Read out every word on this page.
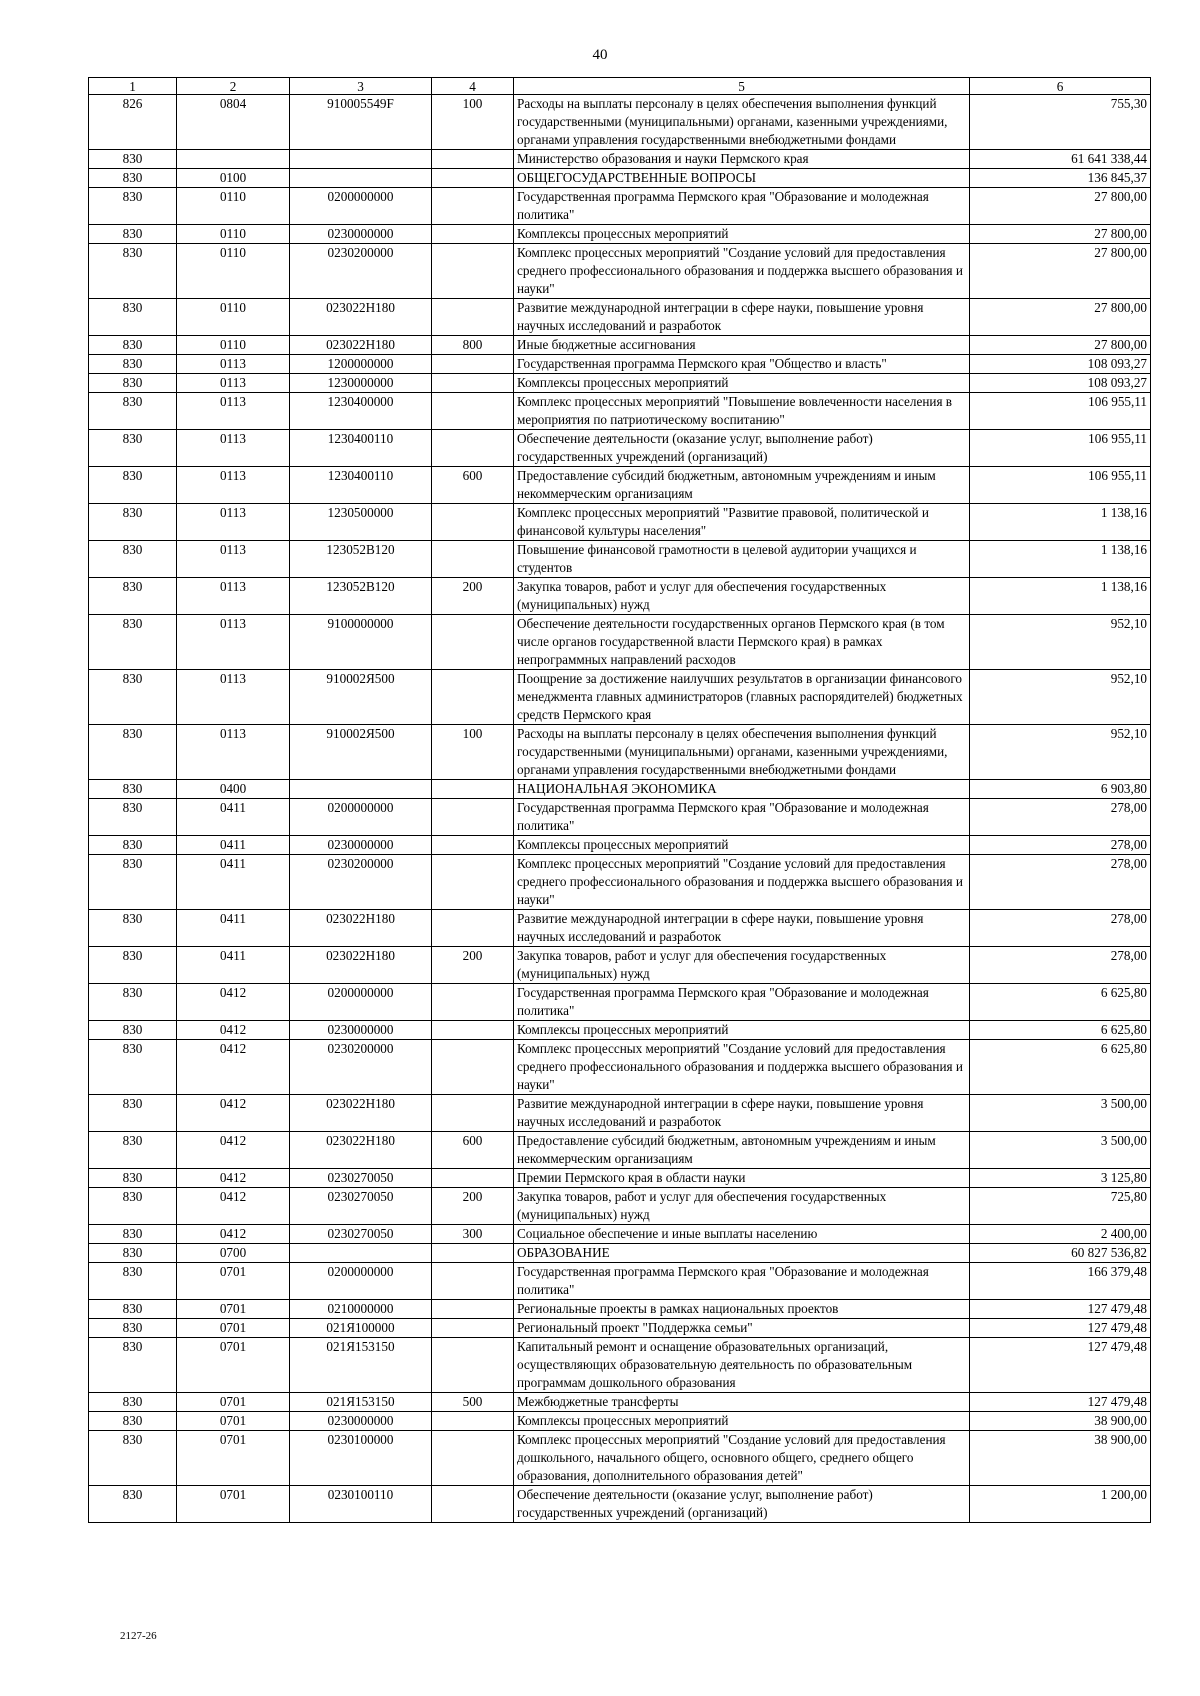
40
1	2	3	4	5	6
826	0804	910005549F	100	Расходы на выплаты персоналу в целях обеспечения выполнения функций государственными (муниципальными) органами, казенными учреждениями, органами управления государственными внебюджетными фондами	755,30
830				Министерство образования и науки Пермского края	61 641 338,44
830	0100			ОБЩЕГОСУДАРСТВЕННЫЕ ВОПРОСЫ	136 845,37
830	0110	0200000000		Государственная программа Пермского края "Образование и молодежная политика"	27 800,00
830	0110	0230000000		Комплексы процессных мероприятий	27 800,00
830	0110	0230200000		Комплекс процессных мероприятий "Создание условий для предоставления среднего профессионального образования и поддержка высшего образования и науки"	27 800,00
830	0110	023022Н180		Развитие международной интеграции в сфере науки, повышение уровня научных исследований и разработок	27 800,00
830	0110	023022Н180	800	Иные бюджетные ассигнования	27 800,00
830	0113	1200000000		Государственная программа Пермского края "Общество и власть"	108 093,27
830	0113	1230000000		Комплексы процессных мероприятий	108 093,27
830	0113	1230400000		Комплекс процессных мероприятий "Повышение вовлеченности населения в мероприятия по патриотическому воспитанию"	106 955,11
830	0113	1230400110		Обеспечение деятельности (оказание услуг, выполнение работ) государственных учреждений (организаций)	106 955,11
830	0113	1230400110	600	Предоставление субсидий бюджетным, автономным учреждениям и иным некоммерческим организациям	106 955,11
830	0113	1230500000		Комплекс процессных мероприятий "Развитие правовой, политической и финансовой культуры населения"	1 138,16
830	0113	123052В120		Повышение финансовой грамотности в целевой аудитории учащихся и студентов	1 138,16
830	0113	123052В120	200	Закупка товаров, работ и услуг для обеспечения государственных (муниципальных) нужд	1 138,16
830	0113	9100000000		Обеспечение деятельности государственных органов Пермского края (в том числе органов государственной власти Пермского края) в рамках непрограммных направлений расходов	952,10
830	0113	910002Я500		Поощрение за достижение наилучших результатов в организации финансового менеджмента главных администраторов (главных распорядителей) бюджетных средств Пермского края	952,10
830	0113	910002Я500	100	Расходы на выплаты персоналу в целях обеспечения выполнения функций государственными (муниципальными) органами, казенными учреждениями, органами управления государственными внебюджетными фондами	952,10
830	0400			НАЦИОНАЛЬНАЯ ЭКОНОМИКА	6 903,80
830	0411	0200000000		Государственная программа Пермского края "Образование и молодежная политика"	278,00
830	0411	0230000000		Комплексы процессных мероприятий	278,00
830	0411	0230200000		Комплекс процессных мероприятий "Создание условий для предоставления среднего профессионального образования и поддержка высшего образования и науки"	278,00
830	0411	023022Н180		Развитие международной интеграции в сфере науки, повышение уровня научных исследований и разработок	278,00
830	0411	023022Н180	200	Закупка товаров, работ и услуг для обеспечения государственных (муниципальных) нужд	278,00
830	0412	0200000000		Государственная программа Пермского края "Образование и молодежная политика"	6 625,80
830	0412	0230000000		Комплексы процессных мероприятий	6 625,80
830	0412	0230200000		Комплекс процессных мероприятий "Создание условий для предоставления среднего профессионального образования и поддержка высшего образования и науки"	6 625,80
830	0412	023022Н180		Развитие международной интеграции в сфере науки, повышение уровня научных исследований и разработок	3 500,00
830	0412	023022Н180	600	Предоставление субсидий бюджетным, автономным учреждениям и иным некоммерческим организациям	3 500,00
830	0412	0230270050		Премии Пермского края в области науки	3 125,80
830	0412	0230270050	200	Закупка товаров, работ и услуг для обеспечения государственных (муниципальных) нужд	725,80
830	0412	0230270050	300	Социальное обеспечение и иные выплаты населению	2 400,00
830	0700			ОБРАЗОВАНИЕ	60 827 536,82
830	0701	0200000000		Государственная программа Пермского края "Образование и молодежная политика"	166 379,48
830	0701	0210000000		Региональные проекты в рамках национальных проектов	127 479,48
830	0701	021Я100000		Региональный проект "Поддержка семьи"	127 479,48
830	0701	021Я153150		Капитальный ремонт и оснащение образовательных организаций, осуществляющих образовательную деятельность по образовательным программам дошкольного образования	127 479,48
830	0701	021Я153150	500	Межбюджетные трансферты	127 479,48
830	0701	0230000000		Комплексы процессных мероприятий	38 900,00
830	0701	0230100000		Комплекс процессных мероприятий "Создание условий для предоставления дошкольного, начального общего, основного общего, среднего общего образования, дополнительного образования детей"	38 900,00
830	0701	0230100110		Обеспечение деятельности (оказание услуг, выполнение работ) государственных учреждений (организаций)	1 200,00
2127-26
